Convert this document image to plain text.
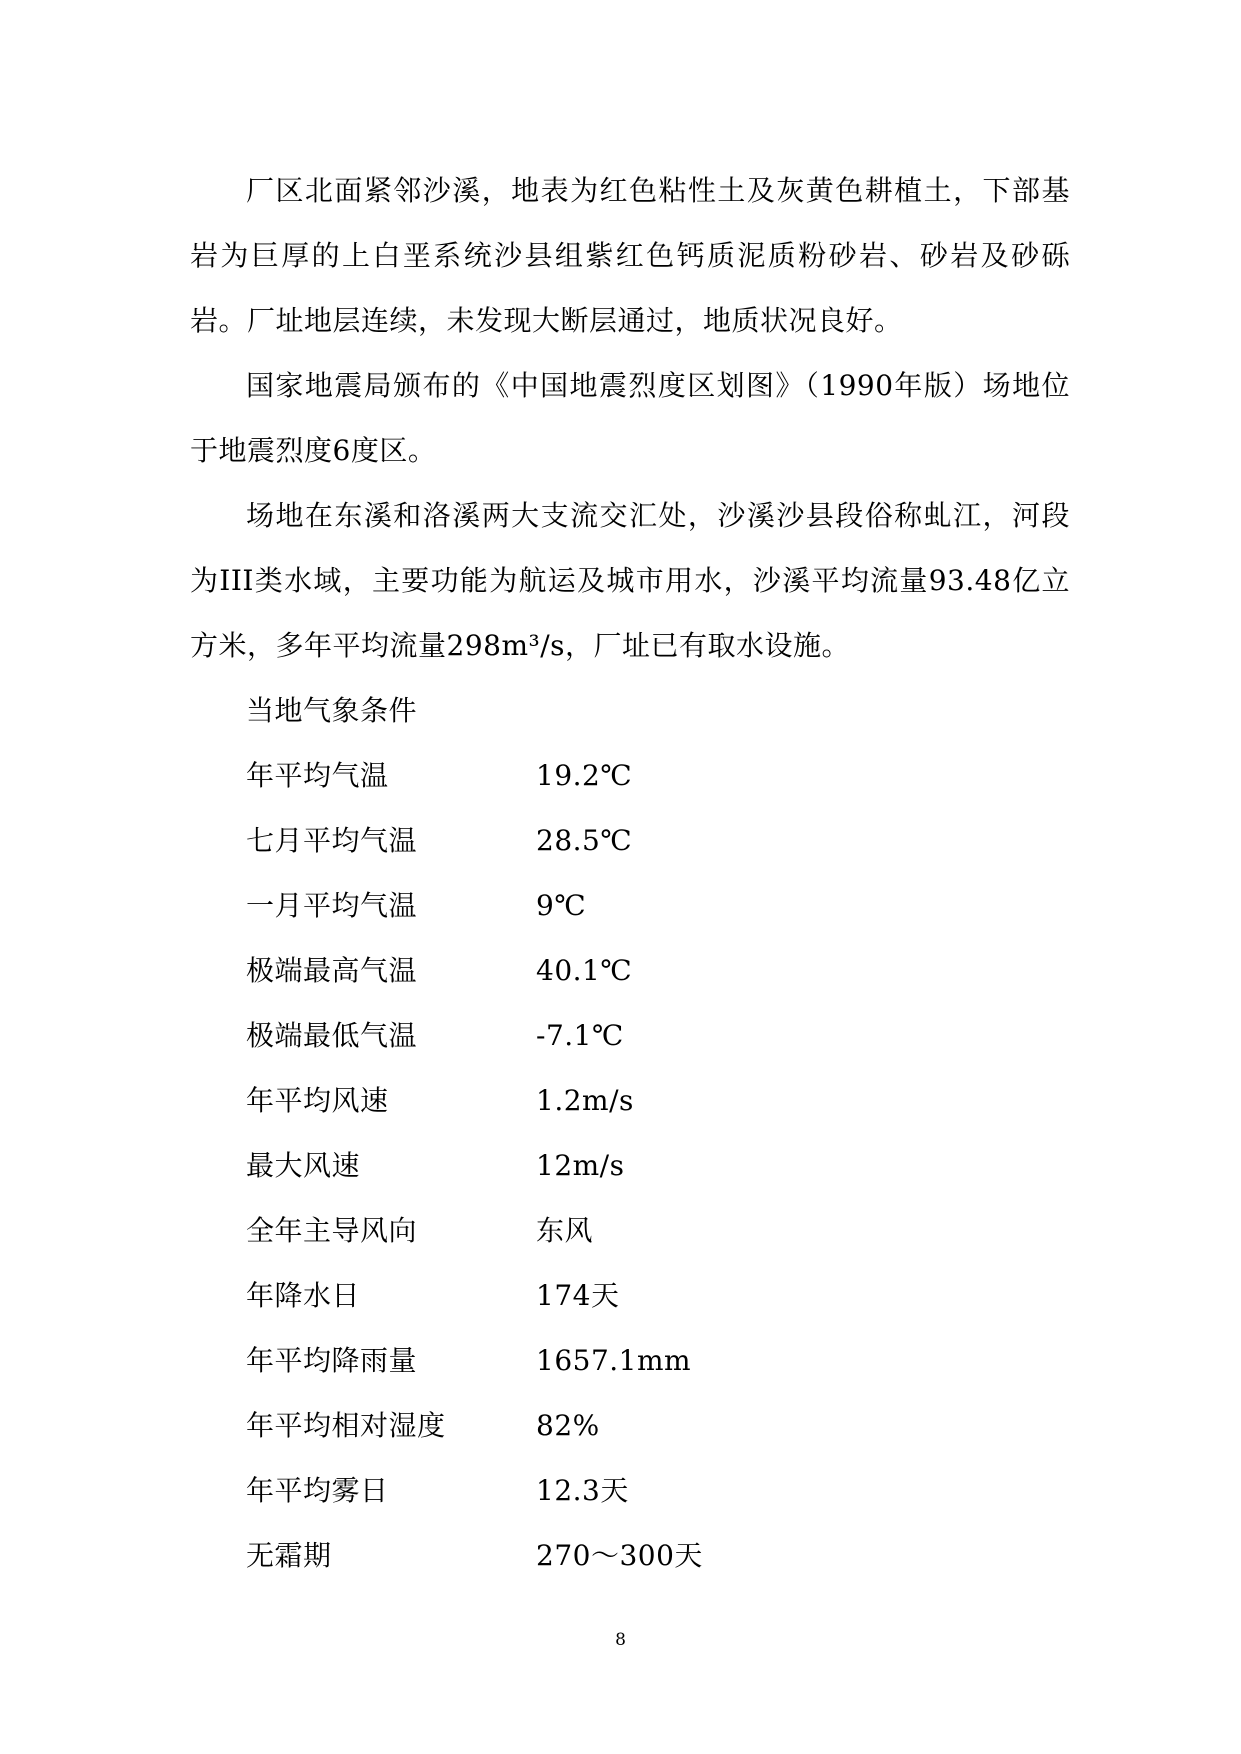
厂区北面紧邻沙溪，地表为红色粘性土及灰黄色耕植土，下部基岩为巨厚的上白垩系统沙县组紫红色钙质泥质粉砂岩、砂岩及砂砾岩。厂址地层连续，未发现大断层通过，地质状况良好。

国家地震局颁布的《中国地震烈度区划图》（1990年版）场地位于地震烈度6度区。

场地在东溪和洛溪两大支流交汇处，沙溪沙县段俗称虬江，河段为III类水域，主要功能为航运及城市用水，沙溪平均流量93.48亿立方米，多年平均流量298m³/s，厂址已有取水设施。

当地气象条件

年平均气温	19.2℃
七月平均气温	28.5℃
一月平均气温	9℃
极端最高气温	40.1℃
极端最低气温	-7.1℃
年平均风速	1.2m/s
最大风速	12m/s
全年主导风向	东风
年降水日	174天
年平均降雨量	1657.1mm
年平均相对湿度	82%
年平均雾日	12.3天
无霜期	270～300天
8
